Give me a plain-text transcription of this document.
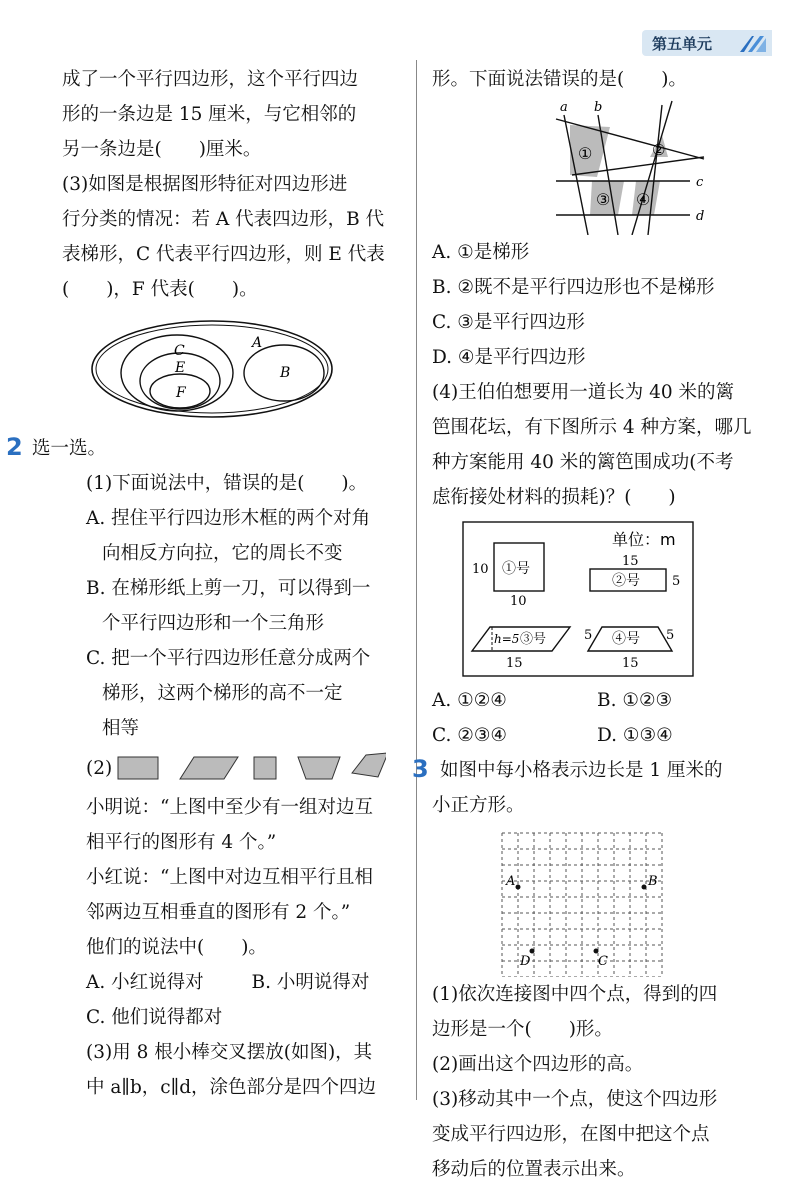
第五单元
成了一个平行四边形，这个平行四边
形的一条边是 15 厘米，与它相邻的
另一条边是(　　)厘米。
(3)如图是根据图形特征对四边形进
行分类的情况：若 A 代表四边形，B 代
表梯形，C 代表平行四边形，则 E 代表
(　　)，F 代表(　　)。
A
C
E
F
B
2 选一选。
(1)下面说法中，错误的是(　　)。
A. 捏住平行四边形木框的两个对角
向相反方向拉，它的周长不变
B. 在梯形纸上剪一刀，可以得到一
个平行四边形和一个三角形
C. 把一个平行四边形任意分成两个
梯形，这两个梯形的高不一定
相等
(2)
小明说：“上图中至少有一组对边互
相平行的图形有 4 个。”
小红说：“上图中对边互相平行且相
邻两边互相垂直的图形有 2 个。”
他们的说法中(　　)。
A. 小红说得对	B. 小明说得对
C. 他们说得都对
(3)用 8 根小棒交叉摆放(如图)，其
中 a∥b，c∥d，涂色部分是四个四边
形。下面说法错误的是(　　)。
a b
c
d
①	②
③ ④
A. ①是梯形
B. ②既不是平行四边形也不是梯形
C. ③是平行四边形
D. ④是平行四边形
(4)王伯伯想要用一道长为 40 米的篱
笆围花坛，有下图所示 4 种方案，哪几
种方案能用 40 米的篱笆围成功(不考
虑衔接处材料的损耗)？(　　)
单位：m
①号
10
10
15
②号 5
h=5 ③号
15
④号
5	5
15
A. ①②④	B. ①②③
C. ②③④	D. ①③④
3 如图中每小格表示边长是 1 厘米的
小正方形。
A	B
C
D
(1)依次连接图中四个点，得到的四
边形是一个(　　)形。
(2)画出这个四边形的高。
(3)移动其中一个点，使这个四边形
变成平行四边形，在图中把这个点
移动后的位置表示出来。
